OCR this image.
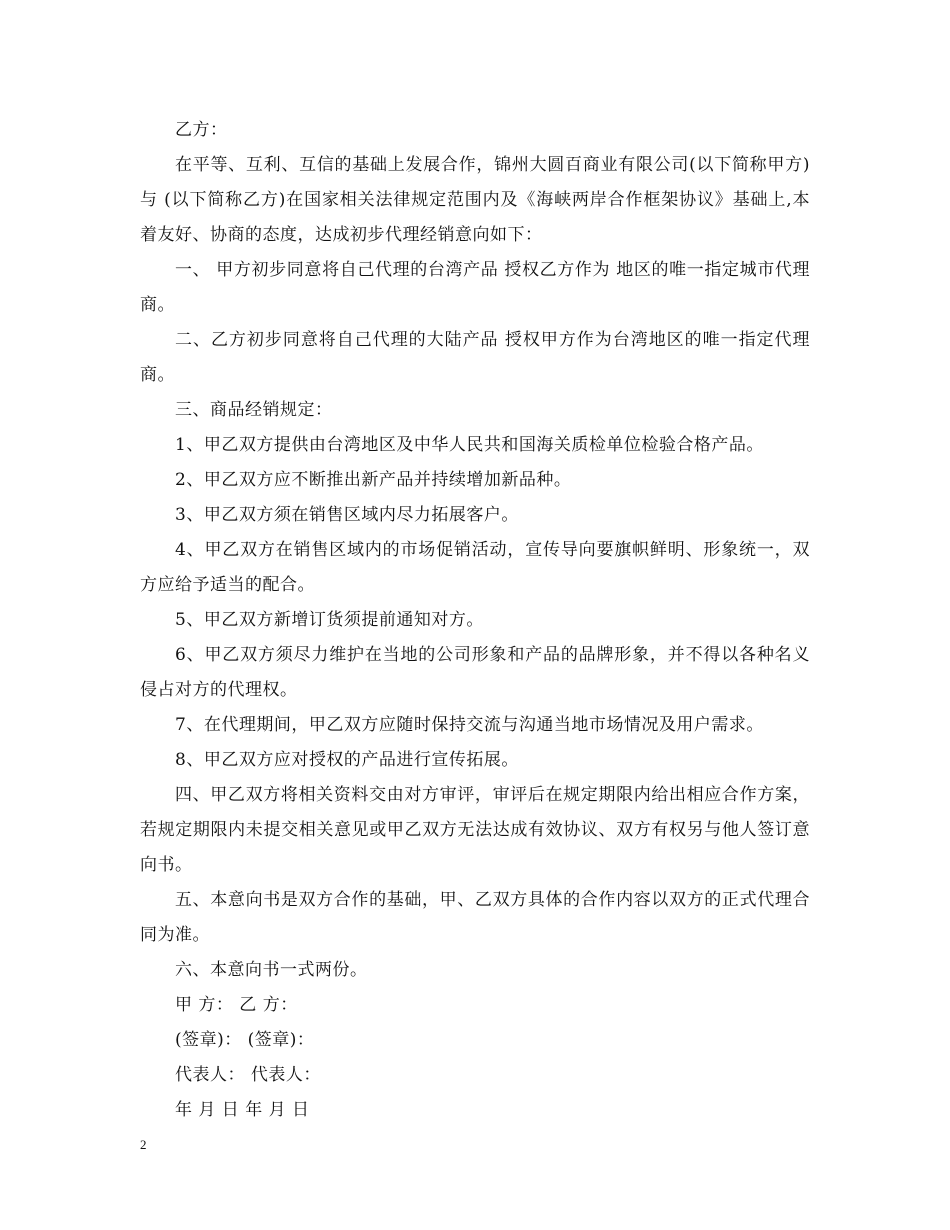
乙方：

在平等、互利、互信的基础上发展合作，锦州大圆百商业有限公司(以下简称甲方)与 (以下简称乙方)在国家相关法律规定范围内及《海峡两岸合作框架协议》基础上,本着友好、协商的态度，达成初步代理经销意向如下：

一、 甲方初步同意将自己代理的台湾产品 授权乙方作为 地区的唯一指定城市代理商。

二、乙方初步同意将自己代理的大陆产品 授权甲方作为台湾地区的唯一指定代理商。

三、商品经销规定：

1、甲乙双方提供由台湾地区及中华人民共和国海关质检单位检验合格产品。

2、甲乙双方应不断推出新产品并持续增加新品种。

3、甲乙双方须在销售区域内尽力拓展客户。

4、甲乙双方在销售区域内的市场促销活动，宣传导向要旗帜鲜明、形象统一，双方应给予适当的配合。

5、甲乙双方新增订货须提前通知对方。

6、甲乙双方须尽力维护在当地的公司形象和产品的品牌形象，并不得以各种名义侵占对方的代理权。

7、在代理期间，甲乙双方应随时保持交流与沟通当地市场情况及用户需求。

8、甲乙双方应对授权的产品进行宣传拓展。

四、甲乙双方将相关资料交由对方审评，审评后在规定期限内给出相应合作方案，若规定期限内未提交相关意见或甲乙双方无法达成有效协议、双方有权另与他人签订意向书。

五、本意向书是双方合作的基础，甲、乙双方具体的合作内容以双方的正式代理合同为准。

六、本意向书一式两份。

甲 方： 乙 方：

(签章)： (签章)：

代表人： 代表人：

年 月 日 年 月 日

2
